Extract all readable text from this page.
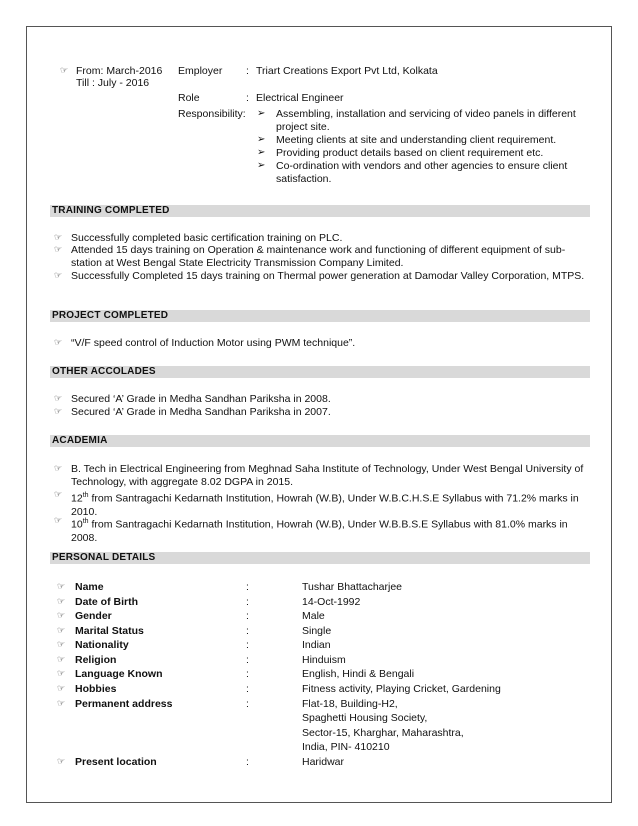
☞ From: March-2016
Till : July - 2016
Employer : Triart Creations Export Pvt Ltd, Kolkata
Role	: Electrical Engineer
Responsibility: ➢ Assembling, installation and servicing of video panels in different project site.
➢ Meeting clients at site and understanding client requirement.
➢ Providing product details based on client requirement etc.
➢ Co-ordination with vendors and other agencies to ensure client satisfaction.
TRAINING COMPLETED
☞ Successfully completed basic certification training on PLC.
☞ Attended 15 days training on Operation & maintenance work and functioning of different equipment of sub-station at West Bengal State Electricity Transmission Company Limited.
☞ Successfully Completed 15 days training on Thermal power generation at Damodar Valley Corporation, MTPS.
PROJECT COMPLETED
☞ “V/F speed control of Induction Motor using PWM technique”.
OTHER ACCOLADES
☞ Secured ‘A’ Grade in Medha Sandhan Pariksha in 2008.
☞ Secured ‘A’ Grade in Medha Sandhan Pariksha in 2007.
ACADEMIA
☞ B. Tech in Electrical Engineering from Meghnad Saha Institute of Technology, Under West Bengal University of Technology, with aggregate 8.02 DGPA in 2015.
☞ 12th from Santragachi Kedarnath Institution, Howrah (W.B), Under W.B.C.H.S.E Syllabus with 71.2% marks in 2010.
☞ 10th from Santragachi Kedarnath Institution, Howrah (W.B), Under W.B.B.S.E Syllabus with 81.0% marks in 2008.
PERSONAL DETAILS
☞ Name	:	Tushar Bhattacharjee
☞ Date of Birth	:	14-Oct-1992
☞ Gender	:	Male
☞ Marital Status	:	Single
☞ Nationality	:	Indian
☞ Religion	:	Hinduism
☞ Language Known	:	English, Hindi & Bengali
☞ Hobbies	:	Fitness activity, Playing Cricket, Gardening
☞ Permanent address	:	Flat-18, Building-H2,
Spaghetti Housing Society,
Sector-15, Kharghar, Maharashtra,
India, PIN- 410210
☞ Present location	:	Haridwar
